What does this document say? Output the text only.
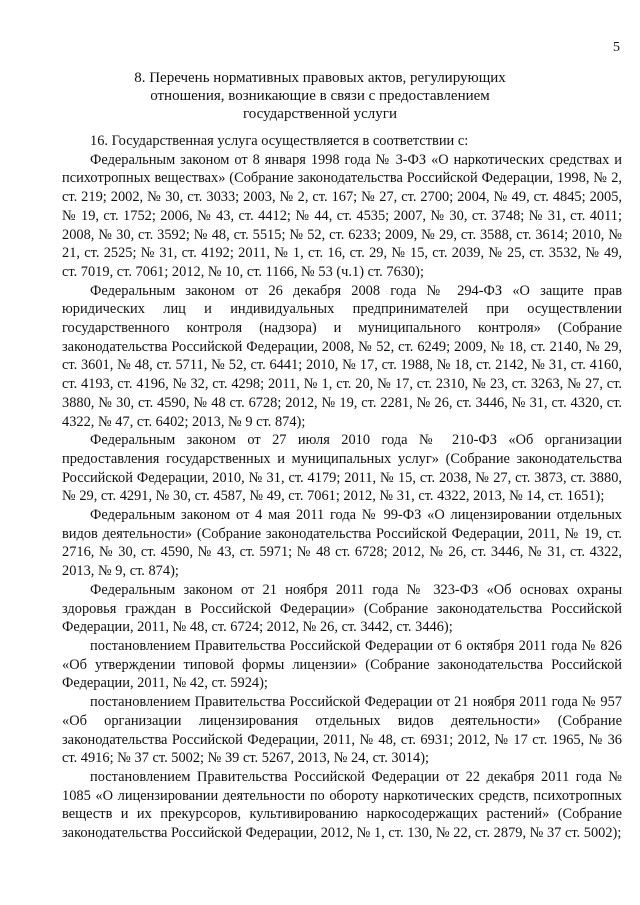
5
8. Перечень нормативных правовых актов, регулирующих
отношения, возникающие в связи с предоставлением
государственной услуги

16. Государственная услуга осуществляется в соответствии с:

Федеральным законом от 8 января 1998 года № 3-ФЗ «О наркотических средствах и психотропных веществах» (Собрание законодательства Российской Федерации, 1998, № 2, ст. 219; 2002, № 30, ст. 3033; 2003, № 2, ст. 167; № 27, ст. 2700; 2004, № 49, ст. 4845; 2005, № 19, ст. 1752; 2006, № 43, ст. 4412; № 44, ст. 4535; 2007, № 30, ст. 3748; № 31, ст. 4011; 2008, № 30, ст. 3592; № 48, ст. 5515; № 52, ст. 6233; 2009, № 29, ст. 3588, ст. 3614; 2010, № 21, ст. 2525; № 31, ст. 4192; 2011, № 1, ст. 16, ст. 29, № 15, ст. 2039, № 25, ст. 3532, № 49, ст. 7019, ст. 7061; 2012, № 10, ст. 1166, № 53 (ч.1) ст. 7630);

Федеральным законом от 26 декабря 2008 года № 294-ФЗ «О защите прав юридических лиц и индивидуальных предпринимателей при осуществлении государственного контроля (надзора) и муниципального контроля» (Собрание законодательства Российской Федерации, 2008, № 52, ст. 6249; 2009, № 18, ст. 2140, № 29, ст. 3601, № 48, ст. 5711, № 52, ст. 6441; 2010, № 17, ст. 1988, № 18, ст. 2142, № 31, ст. 4160, ст. 4193, ст. 4196, № 32, ст. 4298; 2011, № 1, ст. 20, № 17, ст. 2310, № 23, ст. 3263, № 27, ст. 3880, № 30, ст. 4590, № 48 ст. 6728; 2012, № 19, ст. 2281, № 26, ст. 3446, № 31, ст. 4320, ст. 4322, № 47, ст. 6402; 2013, № 9 ст. 874);

Федеральным законом от 27 июля 2010 года № 210-ФЗ «Об организации предоставления государственных и муниципальных услуг» (Собрание законодательства Российской Федерации, 2010, № 31, ст. 4179; 2011, № 15, ст. 2038, № 27, ст. 3873, ст. 3880, № 29, ст. 4291, № 30, ст. 4587, № 49, ст. 7061; 2012, № 31, ст. 4322, 2013, № 14, ст. 1651);

Федеральным законом от 4 мая 2011 года № 99-ФЗ «О лицензировании отдельных видов деятельности» (Собрание законодательства Российской Федерации, 2011, № 19, ст. 2716, № 30, ст. 4590, № 43, ст. 5971; № 48 ст. 6728; 2012, № 26, ст. 3446, № 31, ст. 4322, 2013, № 9, ст. 874);

Федеральным законом от 21 ноября 2011 года № 323-ФЗ «Об основах охраны здоровья граждан в Российской Федерации» (Собрание законодательства Российской Федерации, 2011, № 48, ст. 6724; 2012, № 26, ст. 3442, ст. 3446);

постановлением Правительства Российской Федерации от 6 октября 2011 года № 826 «Об утверждении типовой формы лицензии» (Собрание законодательства Российской Федерации, 2011, № 42, ст. 5924);

постановлением Правительства Российской Федерации от 21 ноября 2011 года № 957 «Об организации лицензирования отдельных видов деятельности» (Собрание законодательства Российской Федерации, 2011, № 48, ст. 6931; 2012, № 17 ст. 1965, № 36 ст. 4916; № 37 ст. 5002; № 39 ст. 5267, 2013, № 24, ст. 3014);

постановлением Правительства Российской Федерации от 22 декабря 2011 года № 1085 «О лицензировании деятельности по обороту наркотических средств, психотропных веществ и их прекурсоров, культивированию наркосодержащих растений» (Собрание законодательства Российской Федерации, 2012, № 1, ст. 130, № 22, ст. 2879, № 37 ст. 5002);
